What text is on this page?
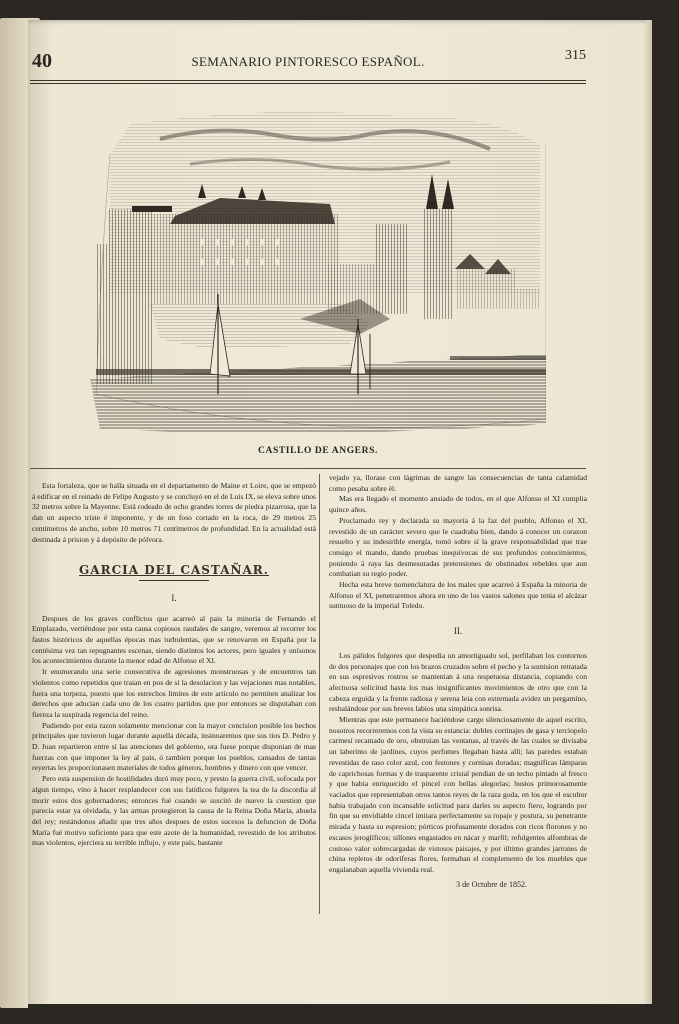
40	SEMANARIO PINTORESCO ESPAÑOL.	315
CASTILLO DE ANGERS.

Esta fortaleza, que se halla situada en el departamento de Maine et Loire, que se empezó á edificar en el reinado de Felipe Augusto y se concluyó en el de Luis IX, se eleva sobre unos 32 metros sobre la Mayenne. Está rodeado de ocho grandes torres de piedra pizarrosa, que la dan un aspecto triste é imponente, y de un foso cortado en la roca, de 29 metros 25 centímetros de ancho, sobre 10 metros 71 centímetros de profundidad. En la actualidad está destinada á prision y á depósito de pólvora.

GARCIA DEL CASTAÑAR.
I.

Despues de los graves conflictos que acarreó al pais la minoria de Fernando el Emplazado, vertiéndose por esta causa copiosos raudales de sangre, veremos al recorrer los fastos históricos de aquellas épocas mas turbulentas, que se renovaron en España por la centésima vez tan repugnantes escenas, siendo distintos los actores, pero iguales y unísonos los acontecimientos durante la menor edad de Alfonso el XI.

Ir enumerando una serie consecutiva de agresiones monstruosas y de encuentros tan violentos como repetidos que traian en pos de sí la desolacion y las vejaciones mas notables, fuera una torpeza, puesto que los estrechos límites de este artículo no permiten analizar los derechos que aducian cada uno de los cuatro partidos que por entonces se disputaban con fiereza la suspirada regencia del reino.

Pudiendo por esta razon solamente mencionar con la mayor concision posible los hechos principales que tuvieron lugar durante aquella década, insinuaremos que sus tios D. Pedro y D. Juan repartieron entre sí las atenciones del gobierno, ora fuese porque disponian de mas fuerzas con que imponer la ley al pais, ó tambien porque los pueblos, cansados de tantas reyertas les proporcionasen materiales de todos géneros, hombres y dinero con que vencer.

Pero esta suspension de hostilidades duró muy poco, y presto la guerra civil, sofocada por algun tiempo, vino á hacer resplandecer con sus fatídicos fulgores la tea de la discordia al morir estos dos gobernadores; entonces fué cuando se suscitó de nuevo la cuestion que parecia estar ya olvidada, y las armas protegieron la causa de la Reina Doña María, abuela del rey; restándonos añadir que tres años despues de estos sucesos la defuncion de Doña María fué motivo suficiente para que este azote de la humanidad, revestido de los atributos mas violentos, ejerciera su terrible influjo, y este país, bastante

vejado ya, llorase con lágrimas de sangre las consecuencias de tanta calamidad como pesaba sobre él.

Mas era llegado el momento ansiado de todos, en el que Alfonso el XI cumplia quince años.

Proclamado rey y declarada su mayoría á la faz del pueblo, Alfonso el XI, revestido de un carácter severo que le cuadraba bien, dando á conocer un corazon resuelto y su indesirible energía, tomó sobre sí la grave responsabilidad que trae consigo el mando, dando pruebas inequívocas de sus profundos conocimientos, poniendo á raya las desmesuradas pretensiones de obstinados rebeldes que aun combatian su regio poder.

Hecha esta breve nomenclatura de los males que acarreó á España la minoria de Alfonso el XI, penetraremos ahora en uno de los vastos salones que tenia el alcázar suntuoso de la imperial Toledo.

II.

Los pálidos fulgores que despedia un amortiguado sol, perfilaban los contornos de dos personajes que con los brazos cruzados sobre el pecho y la sumision retratada en sus espresivos rostros se mantenian á una respetuosa distancia, copiando con afectuosa solicitud hasta los mas insignificantes movimientos de otro que con la cabeza erguida y la frente radiosa y serena leia con estremada avidez un pergamino, resbalándose por sus breves labios una simpática sonrisa.

Mientras que este permanece haciéndose cargo silenciosamente de aquel escrito, nosotros recorreremos con la vista su estancia: dobles cortinajes de gasa y terciopelo carmesí recamado de oro, obstruian las ventanas, al través de las cuales se divisaba un laberinto de jardines, cuyos perfumes llegaban hasta allí; las paredes estaban revestidas de raso color azul, con festones y cornisas doradas; magníficas lámparas de caprichosas formas y de trasparente cristal pendian de un techo pintado al fresco y que habia enriquecido el pincel con bellas alegorías; bustos primorosamente vaciados que representaban otros tantos reyes de la raza goda, en los que el escultor habia trabajado con incansable solicitud para darles su aspecto fiero, logrando por fin que su envidiable cincel imitara perfectamente su ropaje y postura, su penetrante mirada y hasta su espresion; pórticos profusamente dorados con ricos florones y no escasos jeroglíficos; sillones engastados en nácar y marfil; refulgentes alfombras de costoso valor sobrecargadas de vistosos paisajes, y por último grandes jarrones de china repletos de odoríferas flores, formaban el complemento de los muebles que engalanaban aquella vivienda real.

3 de Octubre de 1852.
